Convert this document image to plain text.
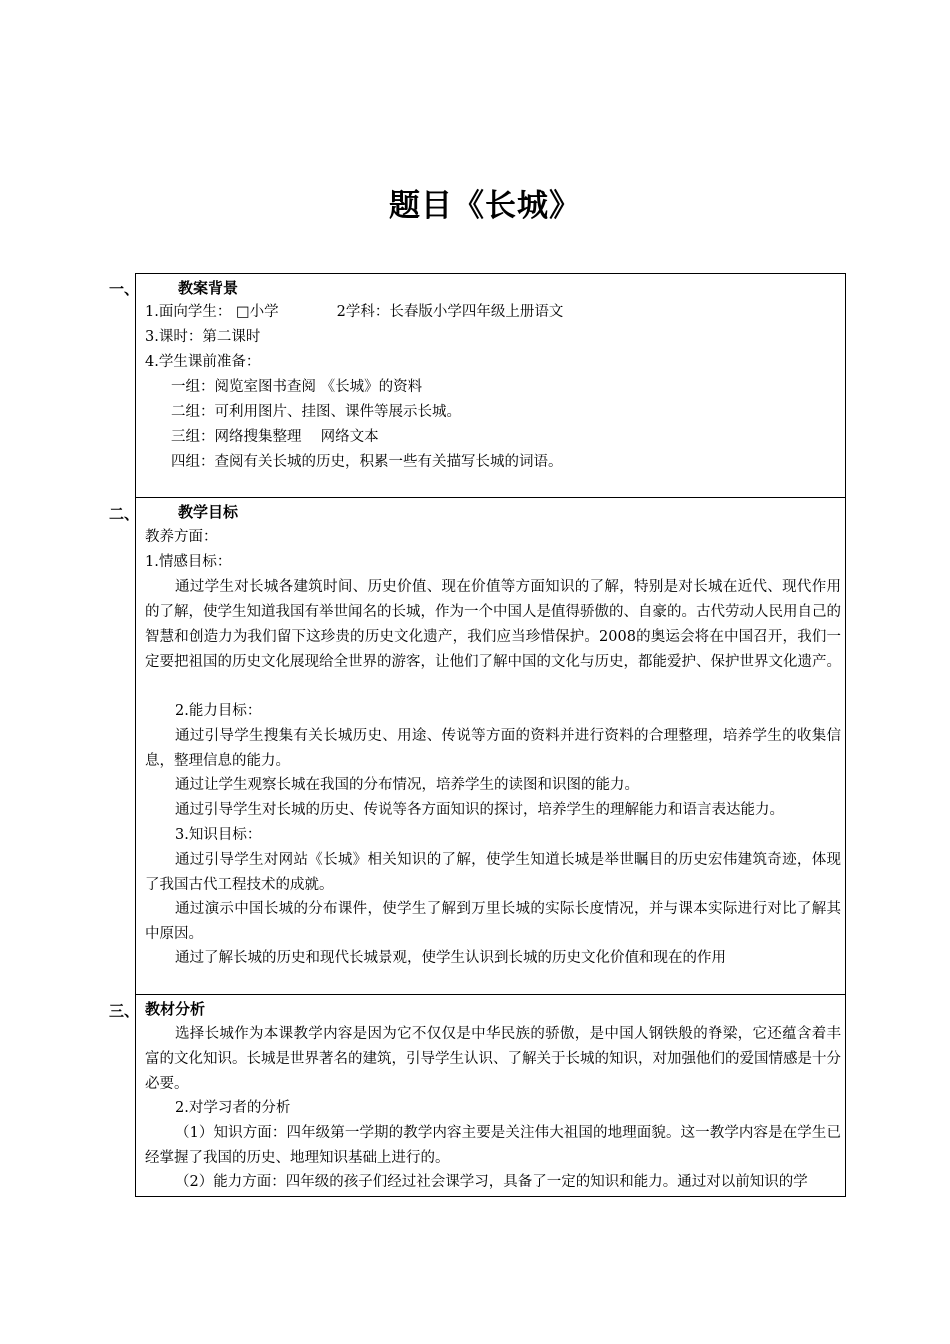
题目《长城》
一、	教案背景
1.面向学生： □小学　　　　2学科：长春版小学四年级上册语文
3.课时：第二课时
4.学生课前准备：
一组：阅览室图书查阅 《长城》的资料
二组：可利用图片、挂图、课件等展示长城。
三组：网络搜集整理　 网络文本
四组：查阅有关长城的历史，积累一些有关描写长城的词语。
二、	教学目标
教养方面：
1.情感目标：
通过学生对长城各建筑时间、历史价值、现在价值等方面知识的了解，特别是对长城在近代、现代作用的了解，使学生知道我国有举世闻名的长城，作为一个中国人是值得骄傲的、自豪的。古代劳动人民用自己的智慧和创造力为我们留下这珍贵的历史文化遗产，我们应当珍惜保护。2008的奥运会将在中国召开，我们一定要把祖国的历史文化展现给全世界的游客，让他们了解中国的文化与历史，都能爱护、保护世界文化遗产。
2.能力目标：
通过引导学生搜集有关长城历史、用途、传说等方面的资料并进行资料的合理整理，培养学生的收集信息，整理信息的能力。
通过让学生观察长城在我国的分布情况，培养学生的读图和识图的能力。
通过引导学生对长城的历史、传说等各方面知识的探讨，培养学生的理解能力和语言表达能力。
3.知识目标：
通过引导学生对网站《长城》相关知识的了解，使学生知道长城是举世瞩目的历史宏伟建筑奇迹，体现了我国古代工程技术的成就。
通过演示中国长城的分布课件，使学生了解到万里长城的实际长度情况，并与课本实际进行对比了解其中原因。
通过了解长城的历史和现代长城景观，使学生认识到长城的历史文化价值和现在的作用
三、 教材分析
选择长城作为本课教学内容是因为它不仅仅是中华民族的骄傲，是中国人钢铁般的脊梁，它还蕴含着丰富的文化知识。长城是世界著名的建筑，引导学生认识、了解关于长城的知识，对加强他们的爱国情感是十分必要。
2.对学习者的分析
（1）知识方面：四年级第一学期的教学内容主要是关注伟大祖国的地理面貌。这一教学内容是在学生已经掌握了我国的历史、地理知识基础上进行的。
（2）能力方面：四年级的孩子们经过社会课学习，具备了一定的知识和能力。通过对以前知识的学
